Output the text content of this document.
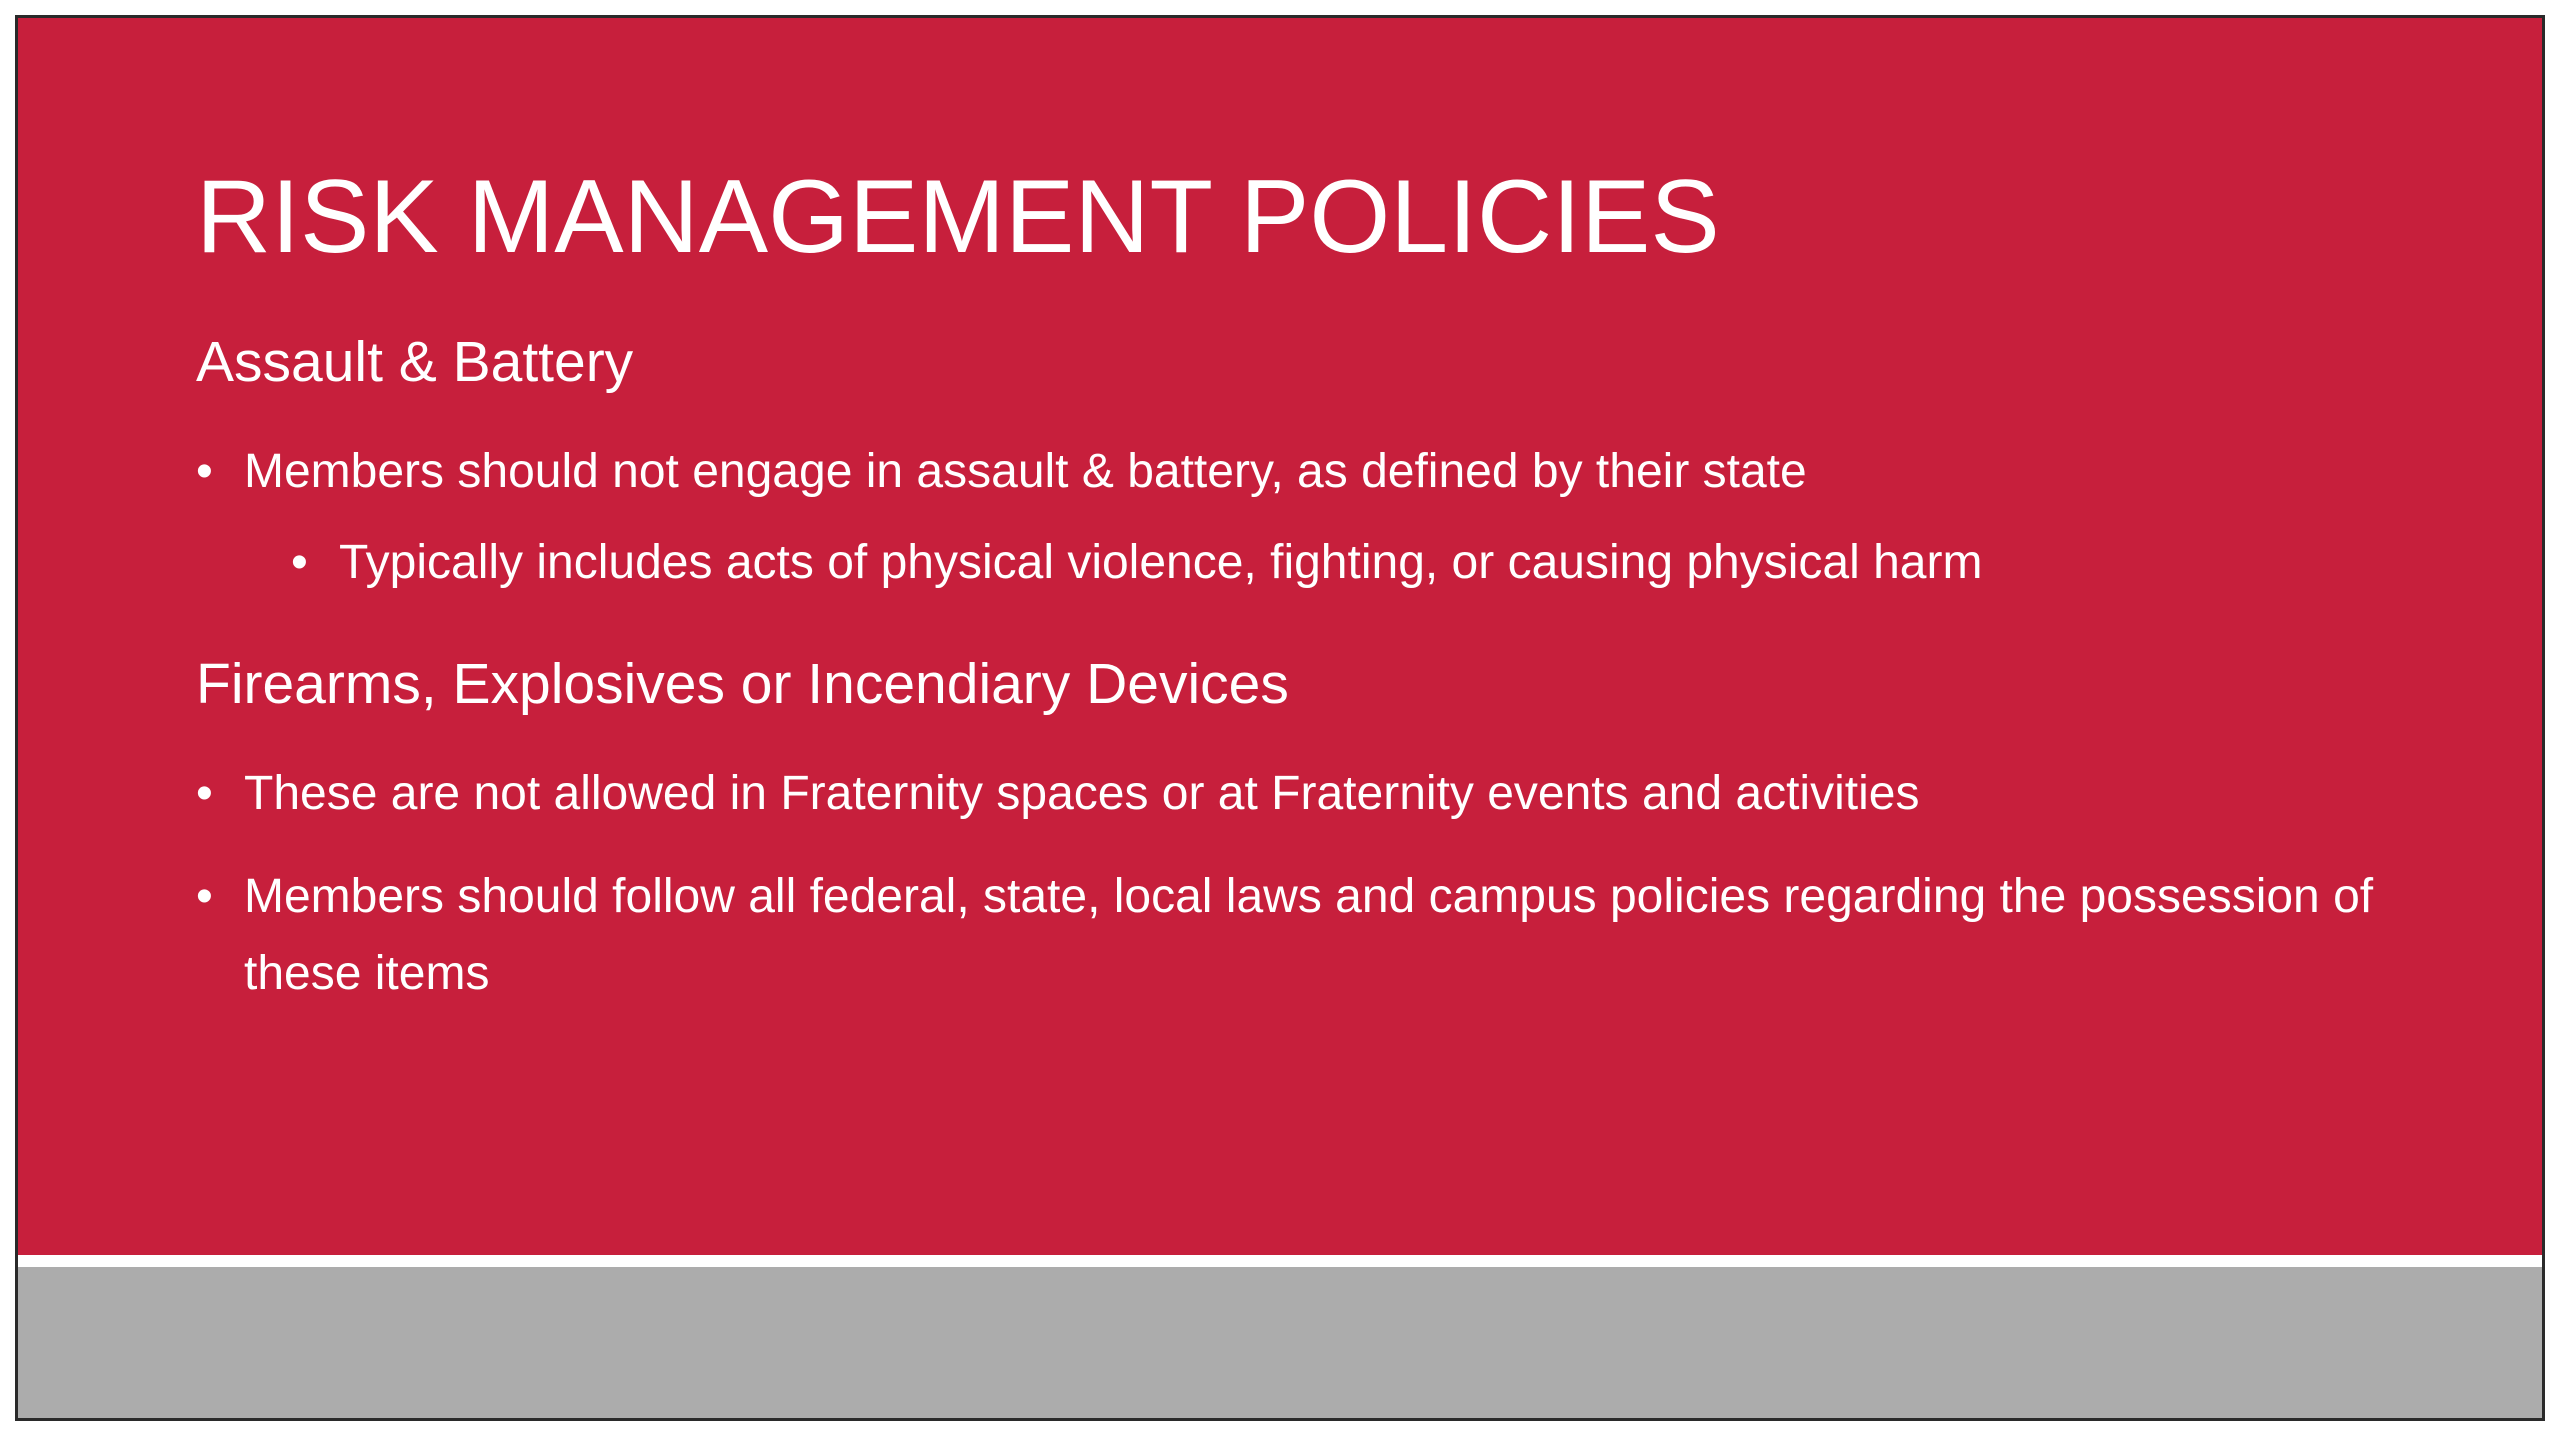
RISK MANAGEMENT POLICIES

Assault & Battery

• Members should not engage in assault & battery, as defined by their state

• Typically includes acts of physical violence, fighting, or causing physical harm

Firearms, Explosives or Incendiary Devices

• These are not allowed in Fraternity spaces or at Fraternity events and activities

• Members should follow all federal, state, local laws and campus policies regarding the possession of these items
